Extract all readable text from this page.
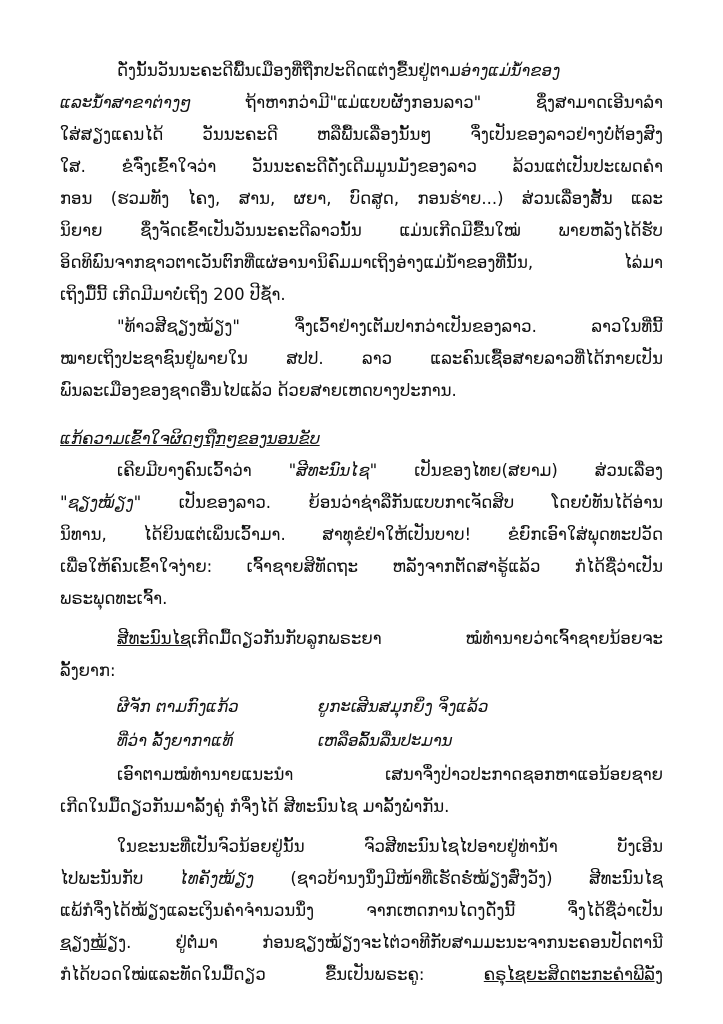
ດັ່ງນັ້ນວັນນະຄະດີພື້ນເມືອງທີ່ຖືກປະດິດແຕ່ງຂື້ນຢູ່ຕາມອ່າງແມ່ນ້ຳຂອງ
ແລະນ້ຳສາຂາຕ່າງໆ ຖ້າຫາກວ່າມີ"ແມ່ແບບຜັງກອນລາວ" ຊຶ່ງສາມາດເອີນາລຳ
ໃສ່ສຽງແຄນໄດ້ ວັນນະຄະດີ ຫລືພື້ນເລື່ອງນັ້ນໆ ຈຶ່ງເປັນຂອງລາວຢ່າງບໍ່ຕ້ອງສົງ
ໃສ. ຂໍຈົ່ງເຂົ້າໃຈວ່າ ວັນນະຄະດີດັ່ງເດີມມູນມັງຂອງລາວ ລ້ວນແຕ່ເປັນປະເພດຄຳ
ກອນ (ຮວມທັງ ໄຄງ, ສານ, ຜຍາ, ບົດສູດ, ກອນຮ່າຍ...) ສ່ວນເລື່ອງສັ້ນ ແລະ
ນິຍາຍ ຊຶ່ງຈັດເຂົ້າເປັນວັນນະຄະດີລາວນັ້ນ ແມ່ນເກີດມີຂື້ນໃໝ່ ພາຍຫລັງໄດ້ຮັບ
ອິດທິພົນຈາກຊາວຕາເວັນຕົກທີ່ແຜ່ອານານິຄົມມາເຖິງອ່າງແມ່ນ້ຳຂອງທີ່ນັ້ນ, ໄລ່ມາ
ເຖິງມື້ນີ້ ເກີດມີມາບໍ່ເຖິງ 200 ປີຊ້ຳ.
"ທ້າວສີຊຽງໝ້ຽງ" ຈຶ່ງເວົ້າຢ່າງເຕັມປາກວ່າເປັນຂອງລາວ. ລາວໃນທີ່ນີ້
ໝາຍເຖິງປະຊາຊົນຢູ່ພາຍໃນ ສປປ. ລາວ ແລະຄົນເຊື້ອສາຍລາວທີ່ໄດ້ກາຍເປັນ
ພົນລະເມືອງຂອງຊາດອື່ນໄປແລ້ວ ດ້ວຍສາຍເຫດບາງປະການ.
ແກ້ຄວາມເຂົ້າໃຈຜິດໆຖືກໆຂອງນອນຂັບ
ເຄີຍມີບາງຄົນເວົ້າວ່າ "ສີທະນົນໄຊ" ເປັນຂອງໄທຍ(ສຍາມ) ສ່ວນເລື່ອງ
"ຊຽງໝ້ຽງ" ເປັນຂອງລາວ. ຍ້ອນວ່າຊ່າລືກັນແບບກາເຈັດສິບ ໂດຍບໍ່ທັນໄດ້ອ່ານ
ນິທານ, ໄດ້ຍິນແຕ່ເພິ່ນເວົ້າມາ. ສາທຸຂໍຢ່າໃຫ້ເປັນບາບ! ຂໍຍົກເອົາໃສ່ພຸດທະປວັດ
ເພື່ອໃຫ້ຄົນເຂົ້າໃຈງ່າຍ: ເຈົ້າຊາຍສິທັດຖະ ຫລັງຈາກຕັດສາຣູ້ແລ້ວ ກໍໄດ້ຊື່ວ່າເປັນ
ພຣະພຸດທະເຈົ້າ.
ສີທະນົນໄຊເກີດມື້ດຽວກັນກັບລູກພຣະຍາ ໝໍທຳນາຍວ່າເຈົ້າຊາຍນ້ອຍຈະ
ລັ້ງຍາກ:
ຜີຈັກ ຕາມກົງແກ້ວ	ຍູກະເສີນສມຸກຍິ່ງ ຈິ່ງແລ້ວ
ທີ່ວ່າ ລັ້ງຍາກາແທ້	ເຫລືອລົ້ນລື່ນປະມານ
ເອົາຕາມໝໍທຳນາຍແນະນຳ ເສນາຈຶ່ງປ່າວປະກາດຊອກຫາແອນ້ອຍຊາຍ
ເກີດໃນມື້ດຽວກັນມາລັ້ງຄູ່ ກໍຈຶ່ງໄດ້ ສີທະນົນໄຊ ມາລັ້ງພໍ່າກັນ.
ໃນຂະນະທີ່ເປັນຈົວນ້ອຍຢູ່ນັ້ນ ຈົວສີທະນົນໄຊໄປອາບຢູ່ທ່ານ້ຳ ບັງເອີນ
ໄປພະນັນກັບ ໄທຄັງໝ້ຽງ (ຊາວບ້ານງນຶ່ງມີໜ້າທີ່ເຮັດຮໍ່ໝ້ຽງສົ່ງວັງ) ສີທະນົນໄຊ
ແພ້ກໍຈຶ່ງໄດ້ໝ້ຽງແລະເງິນຄຳຈຳນວນນຶ່ງ ຈາກເຫດການໄດງດັ່ງນີ້ ຈຶ່ງໄດ້ຊື່ວ່າເປັນ
ຊຽງໝ້ຽງ. ຢູ່ຕໍ່ມາ ກ່ອນຊຽງໝ້ຽງຈະໄຕ່ວາທີກັບສາມມະນະຈາກນະຄອນປັດຕານີ
ກໍໄດ້ບວດໃໝ່ແລະທັດໃນມື້ດຽວ ຂື້ນເປັນພຣະຄູ: ຄຣຸໄຊຍະສິດຕະກະຄຳພີລັງ
